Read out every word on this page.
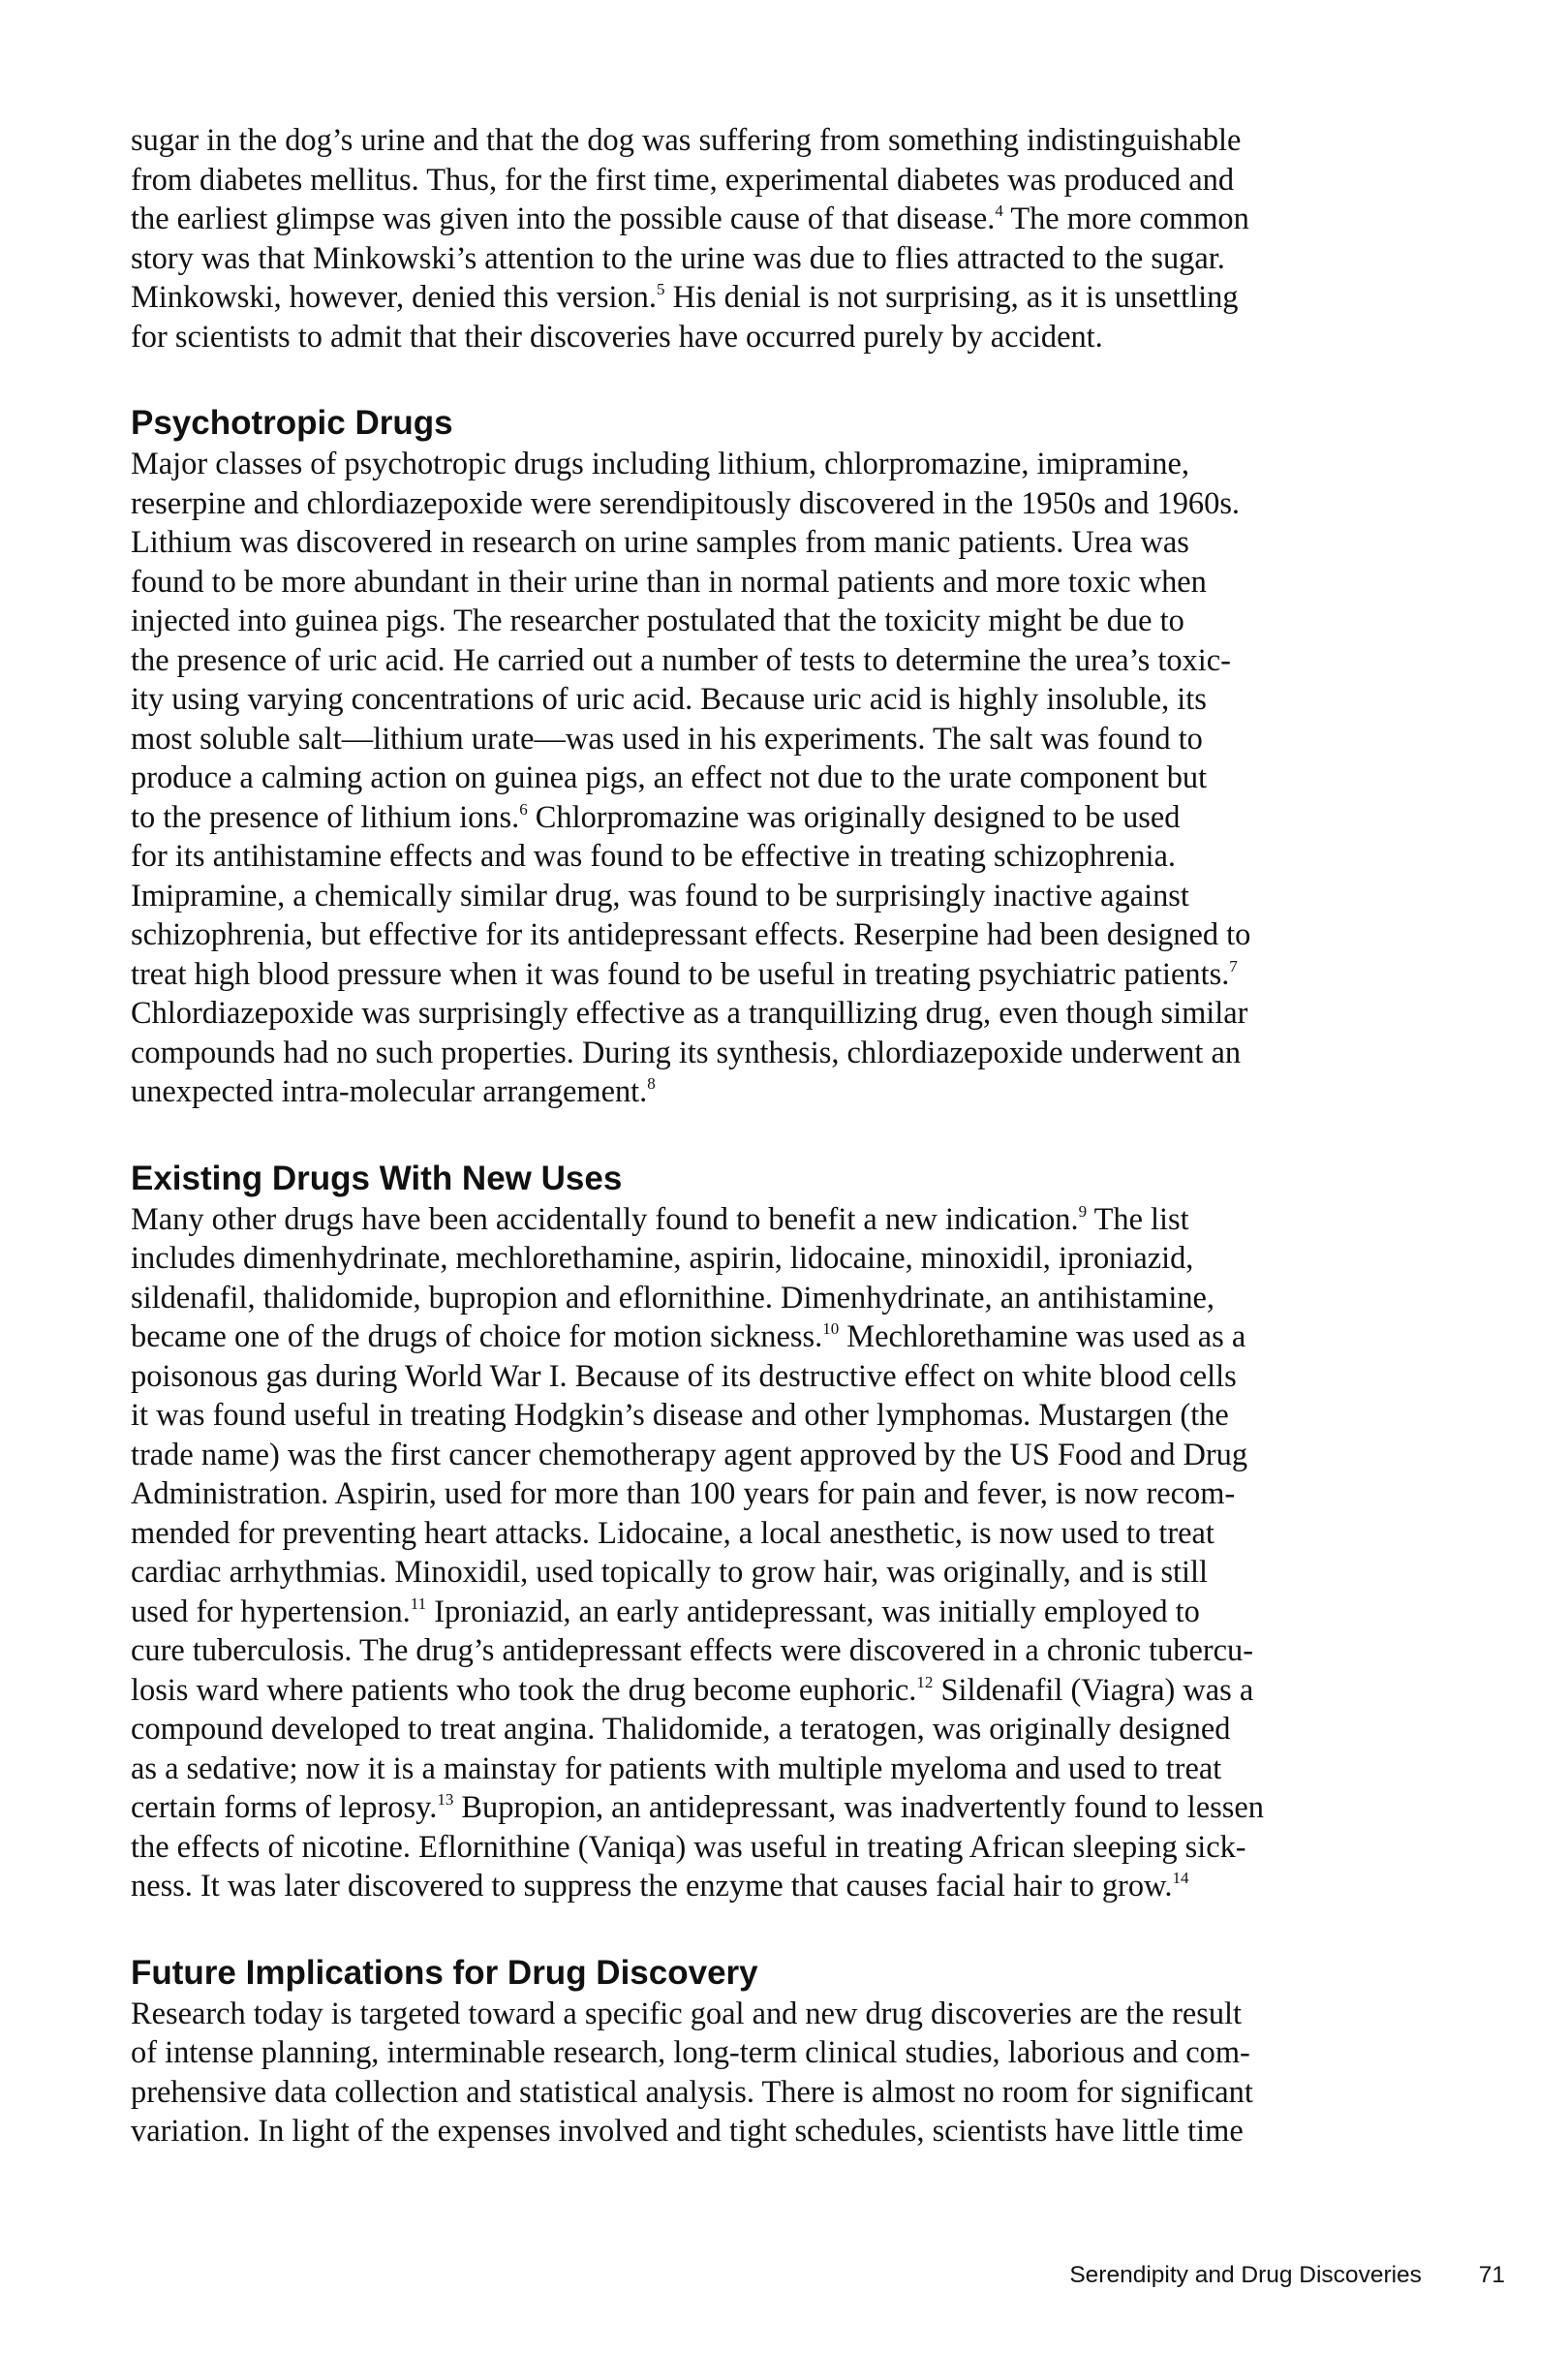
sugar in the dog’s urine and that the dog was suffering from something indistinguishable
from diabetes mellitus. Thus, for the first time, experimental diabetes was produced and
the earliest glimpse was given into the possible cause of that disease.$^4$ The more common
story was that Minkowski’s attention to the urine was due to flies attracted to the sugar.
Minkowski, however, denied this version.$^5$ His denial is not surprising, as it is unsettling
for scientists to admit that their discoveries have occurred purely by accident.
Psychotropic Drugs
Major classes of psychotropic drugs including lithium, chlorpromazine, imipramine,
reserpine and chlordiazepoxide were serendipitously discovered in the 1950s and 1960s.
Lithium was discovered in research on urine samples from manic patients. Urea was
found to be more abundant in their urine than in normal patients and more toxic when
injected into guinea pigs. The researcher postulated that the toxicity might be due to
the presence of uric acid. He carried out a number of tests to determine the urea’s toxic-
ity using varying concentrations of uric acid. Because uric acid is highly insoluble, its
most soluble salt—lithium urate—was used in his experiments. The salt was found to
produce a calming action on guinea pigs, an effect not due to the urate component but
to the presence of lithium ions.$^6$ Chlorpromazine was originally designed to be used
for its antihistamine effects and was found to be effective in treating schizophrenia.
Imipramine, a chemically similar drug, was found to be surprisingly inactive against
schizophrenia, but effective for its antidepressant effects. Reserpine had been designed to
treat high blood pressure when it was found to be useful in treating psychiatric patients.$^7$
Chlordiazepoxide was surprisingly effective as a tranquillizing drug, even though similar
compounds had no such properties. During its synthesis, chlordiazepoxide underwent an
unexpected intra-molecular arrangement.$^8$
Existing Drugs With New Uses
Many other drugs have been accidentally found to benefit a new indication.$^9$ The list
includes dimenhydrinate, mechlorethamine, aspirin, lidocaine, minoxidil, iproniazid,
sildenafil, thalidomide, bupropion and eflornithine. Dimenhydrinate, an antihistamine,
became one of the drugs of choice for motion sickness.$^{10}$ Mechlorethamine was used as a
poisonous gas during World War I. Because of its destructive effect on white blood cells
it was found useful in treating Hodgkin’s disease and other lymphomas. Mustargen (the
trade name) was the first cancer chemotherapy agent approved by the US Food and Drug
Administration. Aspirin, used for more than 100 years for pain and fever, is now recom-
mended for preventing heart attacks. Lidocaine, a local anesthetic, is now used to treat
cardiac arrhythmias. Minoxidil, used topically to grow hair, was originally, and is still
used for hypertension.$^{11}$ Iproniazid, an early antidepressant, was initially employed to
cure tuberculosis. The drug’s antidepressant effects were discovered in a chronic tubercu-
losis ward where patients who took the drug become euphoric.$^{12}$ Sildenafil (Viagra) was a
compound developed to treat angina. Thalidomide, a teratogen, was originally designed
as a sedative; now it is a mainstay for patients with multiple myeloma and used to treat
certain forms of leprosy.$^{13}$ Bupropion, an antidepressant, was inadvertently found to lessen
the effects of nicotine. Eflornithine (Vaniqa) was useful in treating African sleeping sick-
ness. It was later discovered to suppress the enzyme that causes facial hair to grow.$^{14}$
Future Implications for Drug Discovery
Research today is targeted toward a specific goal and new drug discoveries are the result
of intense planning, interminable research, long-term clinical studies, laborious and com-
prehensive data collection and statistical analysis. There is almost no room for significant
variation. In light of the expenses involved and tight schedules, scientists have little time
Serendipity and Drug Discoveries 71
